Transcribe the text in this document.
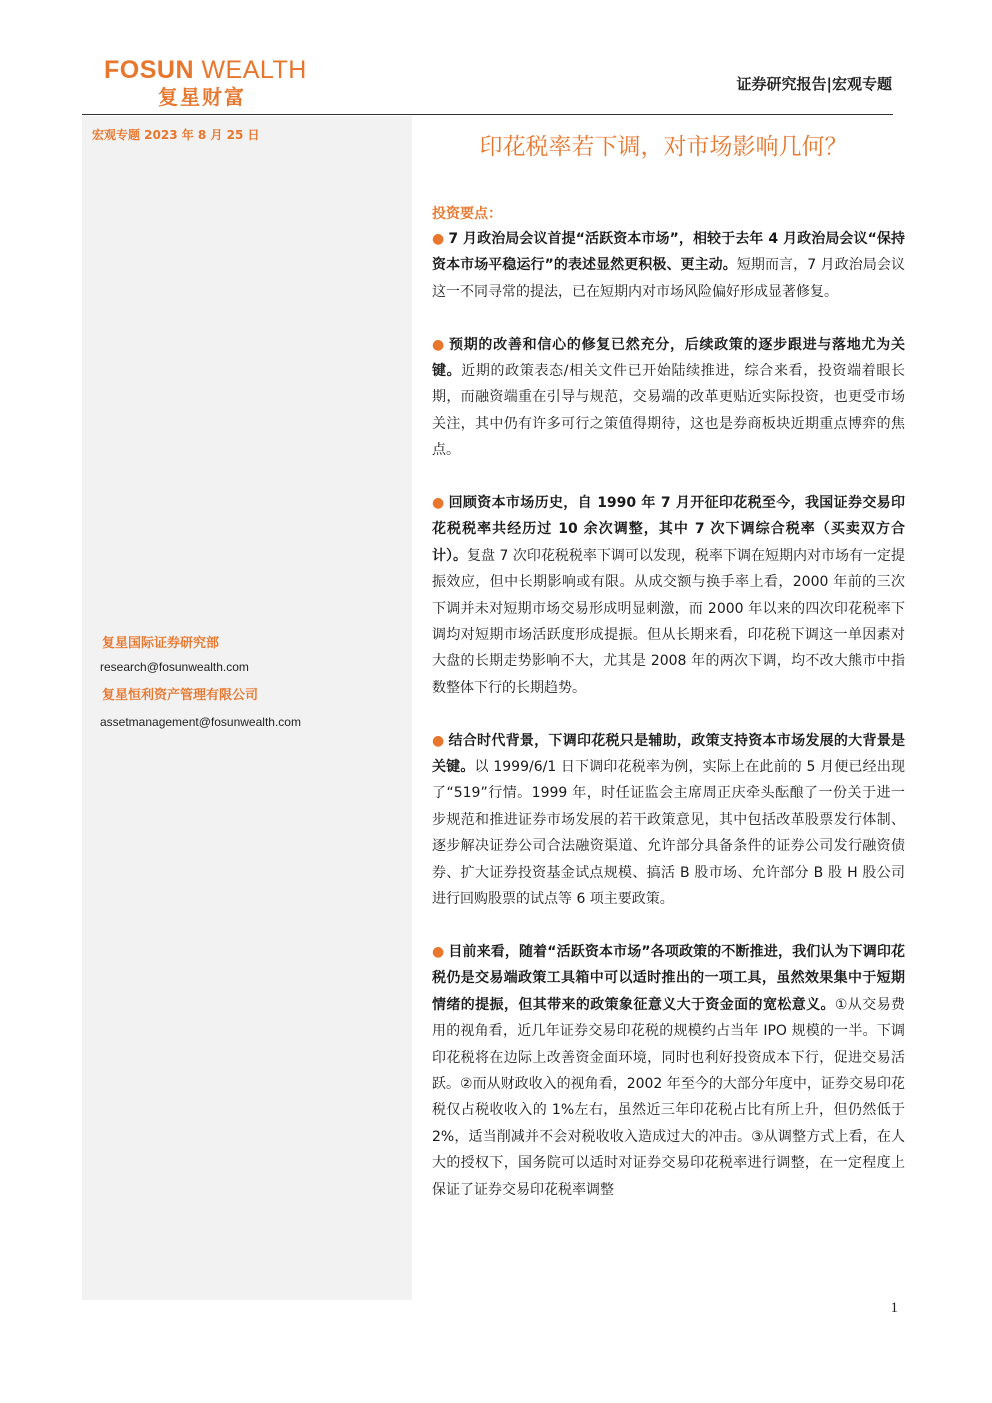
FOSUN WEALTH
复星财富
证券研究报告|宏观专题
宏观专题 2023 年 8 月 25 日
复星国际证券研究部
research@fosunwealth.com
复星恒利资产管理有限公司
assetmanagement@fosunwealth.com
印花税率若下调，对市场影响几何？
投资要点：

● 7 月政治局会议首提“活跃资本市场”，相较于去年 4 月政治局会议“保持资本市场平稳运行”的表述显然更积极、更主动。短期而言，7 月政治局会议这一不同寻常的提法，已在短期内对市场风险偏好形成显著修复。

● 预期的改善和信心的修复已然充分，后续政策的逐步跟进与落地尤为关键。近期的政策表态/相关文件已开始陆续推进，综合来看，投资端着眼长期，而融资端重在引导与规范，交易端的改革更贴近实际投资，也更受市场关注，其中仍有许多可行之策值得期待，这也是券商板块近期重点博弈的焦点。

● 回顾资本市场历史，自 1990 年 7 月开征印花税至今，我国证券交易印花税税率共经历过 10 余次调整，其中 7 次下调综合税率（买卖双方合计）。复盘 7 次印花税税率下调可以发现，税率下调在短期内对市场有一定提振效应，但中长期影响或有限。从成交额与换手率上看，2000 年前的三次下调并未对短期市场交易形成明显刺激，而 2000 年以来的四次印花税率下调均对短期市场活跃度形成提振。但从长期来看，印花税下调这一单因素对大盘的长期走势影响不大，尤其是 2008 年的两次下调，均不改大熊市中指数整体下行的长期趋势。

● 结合时代背景，下调印花税只是辅助，政策支持资本市场发展的大背景是关键。以 1999/6/1 日下调印花税率为例，实际上在此前的 5 月便已经出现了“519”行情。1999 年，时任证监会主席周正庆牵头酝酿了一份关于进一步规范和推进证券市场发展的若干政策意见，其中包括改革股票发行体制、逐步解决证券公司合法融资渠道、允许部分具备条件的证券公司发行融资债券、扩大证券投资基金试点规模、搞活 B 股市场、允许部分 B 股 H 股公司进行回购股票的试点等 6 项主要政策。

● 目前来看，随着“活跃资本市场”各项政策的不断推进，我们认为下调印花税仍是交易端政策工具箱中可以适时推出的一项工具，虽然效果集中于短期情绪的提振，但其带来的政策象征意义大于资金面的宽松意义。①从交易费用的视角看，近几年证券交易印花税的规模约占当年 IPO 规模的一半。下调印花税将在边际上改善资金面环境，同时也利好投资成本下行，促进交易活跃。②而从财政收入的视角看，2002 年至今的大部分年度中，证券交易印花税仅占税收收入的 1%左右，虽然近三年印花税占比有所上升，但仍然低于 2%，适当削减并不会对税收收入造成过大的冲击。③从调整方式上看，在人大的授权下，国务院可以适时对证券交易印花税率进行调整，在一定程度上保证了证券交易印花税率调整

1
